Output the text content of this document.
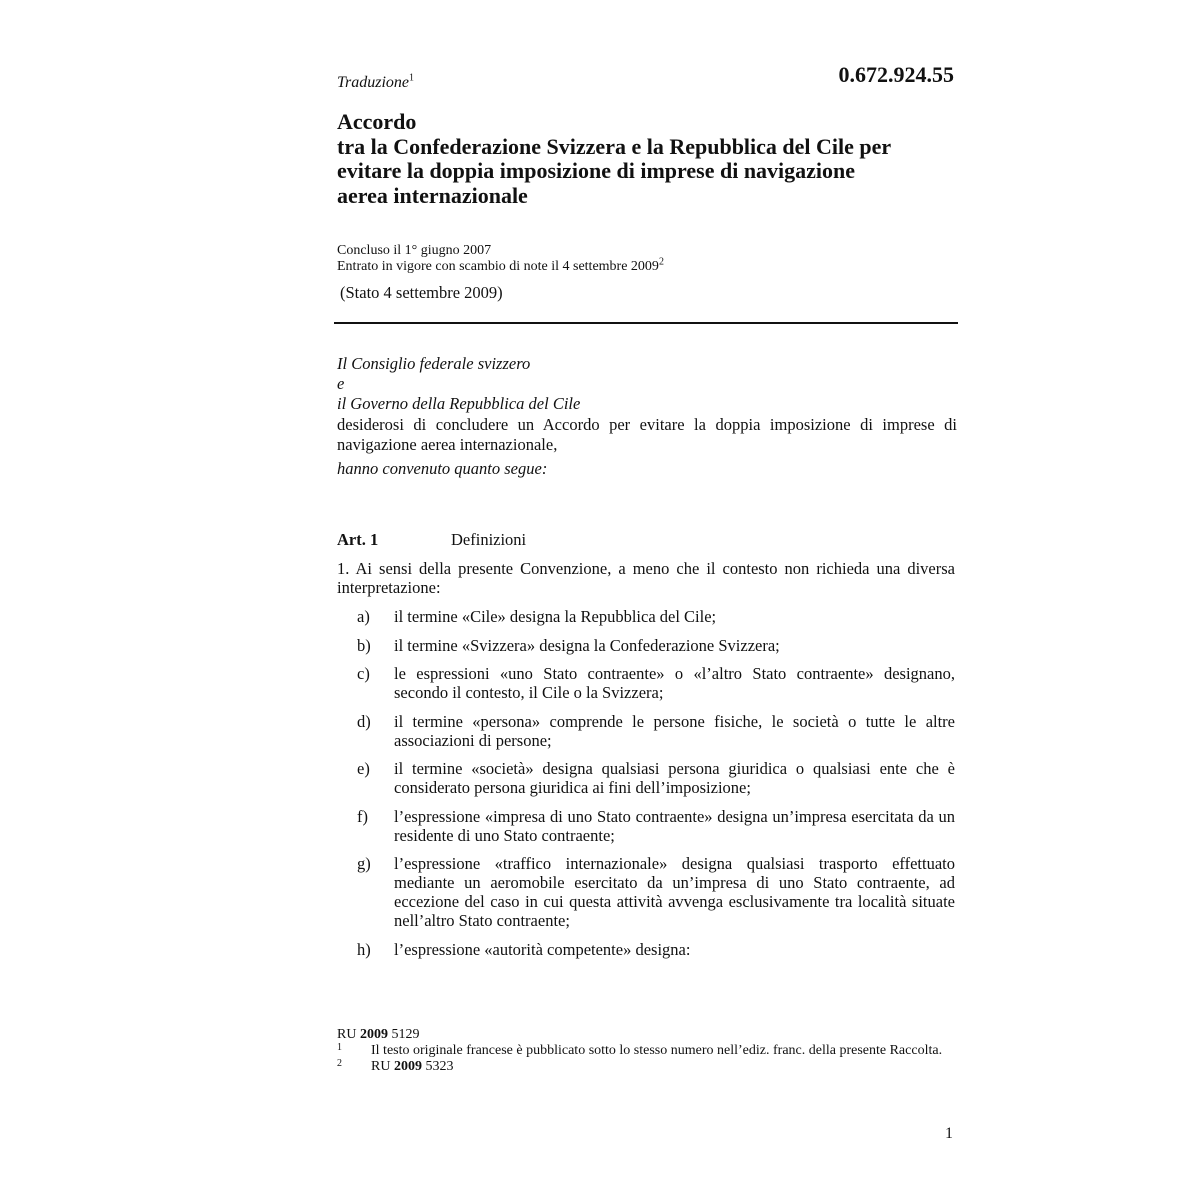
Traduzione$^1$	0.672.924.55
Accordo
tra la Confederazione Svizzera e la Repubblica del Cile per
evitare la doppia imposizione di imprese di navigazione
aerea internazionale
Concluso il 1° giugno 2007
Entrato in vigore con scambio di note il 4 settembre 2009$^2$
(Stato 4 settembre 2009)
Il Consiglio federale svizzero
e
il Governo della Repubblica del Cile
desiderosi di concludere un Accordo per evitare la doppia imposizione di imprese di navigazione aerea internazionale,
hanno convenuto quanto segue:
Art. 1	Definizioni
1. Ai sensi della presente Convenzione, a meno che il contesto non richieda una diversa interpretazione:
a) il termine «Cile» designa la Repubblica del Cile;
b) il termine «Svizzera» designa la Confederazione Svizzera;
c) le espressioni «uno Stato contraente» o «l’altro Stato contraente» designano, secondo il contesto, il Cile o la Svizzera;
d) il termine «persona» comprende le persone fisiche, le società o tutte le altre associazioni di persone;
e) il termine «società» designa qualsiasi persona giuridica o qualsiasi ente che è considerato persona giuridica ai fini dell’imposizione;
f) l’espressione «impresa di uno Stato contraente» designa un’impresa esercitata da un residente di uno Stato contraente;
g) l’espressione «traffico internazionale» designa qualsiasi trasporto effettuato mediante un aeromobile esercitato da un’impresa di uno Stato contraente, ad eccezione del caso in cui questa attività avvenga esclusivamente tra località situate nell’altro Stato contraente;
h) l’espressione «autorità competente» designa:
RU 2009 5129
1 Il testo originale francese è pubblicato sotto lo stesso numero nell’ediz. franc. della presente Raccolta.
2 RU 2009 5323
1
